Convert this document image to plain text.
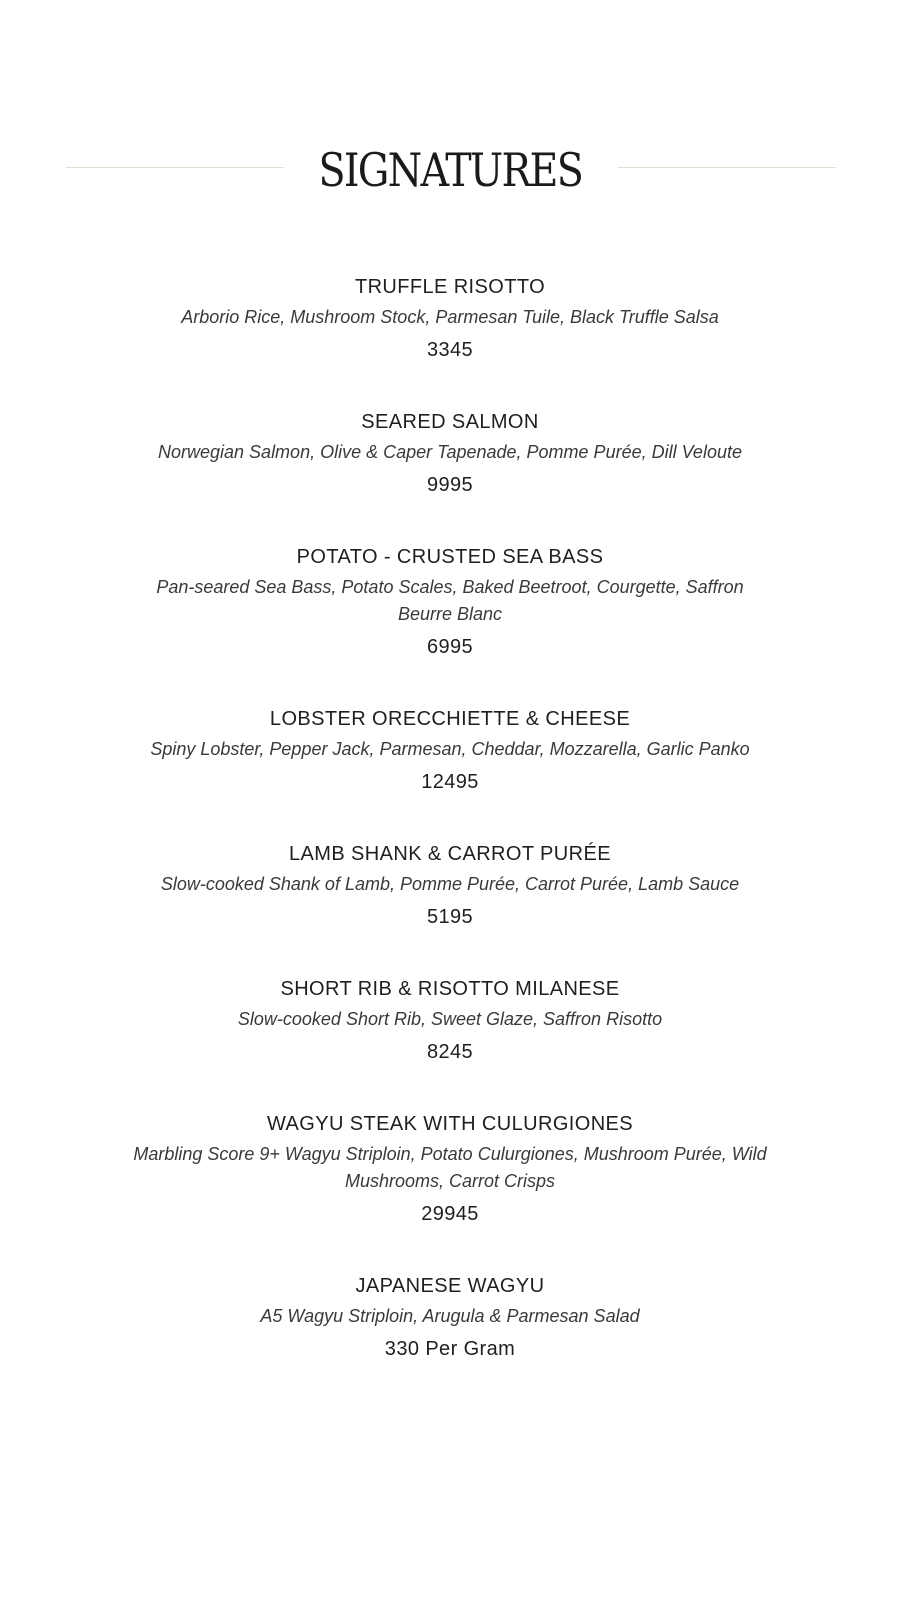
SIGNATURES

TRUFFLE RISOTTO

Arborio Rice, Mushroom Stock, Parmesan Tuile, Black Truffle Salsa

3345

SEARED SALMON

Norwegian Salmon, Olive & Caper Tapenade, Pomme Purée, Dill Veloute

9995

POTATO - CRUSTED SEA BASS

Pan-seared Sea Bass, Potato Scales, Baked Beetroot, Courgette, Saffron Beurre Blanc

6995

LOBSTER ORECCHIETTE & CHEESE

Spiny Lobster, Pepper Jack, Parmesan, Cheddar, Mozzarella, Garlic Panko

12495

LAMB SHANK & CARROT PURÉE

Slow-cooked Shank of Lamb, Pomme Purée, Carrot Purée, Lamb Sauce

5195

SHORT RIB & RISOTTO MILANESE

Slow-cooked Short Rib, Sweet Glaze, Saffron Risotto

8245

WAGYU STEAK WITH CULURGIONES

Marbling Score 9+ Wagyu Striploin, Potato Culurgiones, Mushroom Purée, Wild Mushrooms, Carrot Crisps

29945

JAPANESE WAGYU

A5 Wagyu Striploin, Arugula & Parmesan Salad

330 Per Gram
